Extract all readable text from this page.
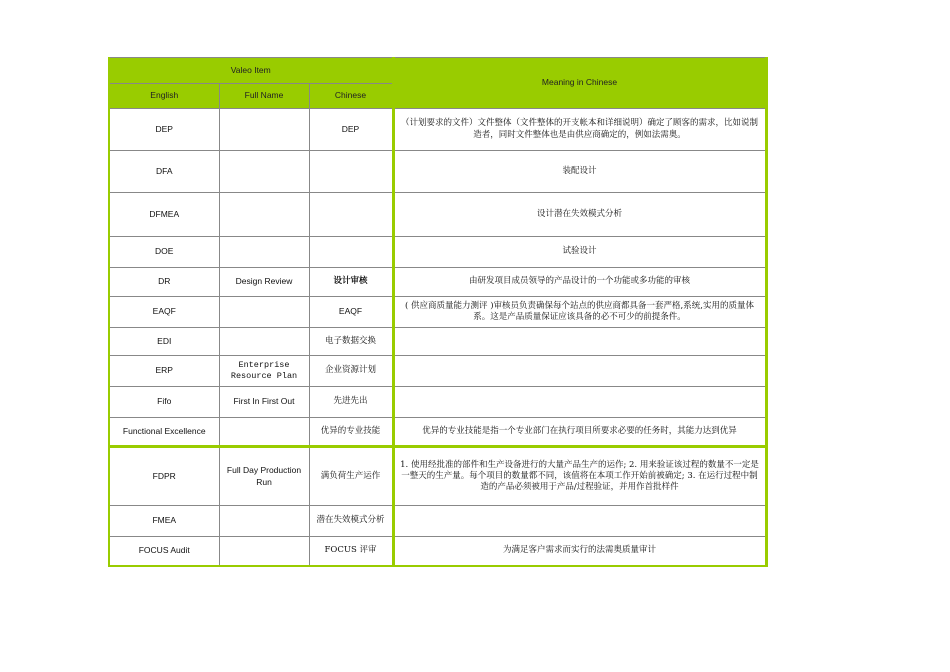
Valeo Item			Meaning in Chinese
English	Full Name	Chinese	
DEP		DEP	（计划要求的文件）文件整体（文件整体的开支帐本和详细说明）确定了顾客的需求，比如说制造者，同时文件整体也是由供应商确定的，例如法需奥。
DFA			装配设计
DFMEA			设计潜在失效模式分析
DOE			试验设计
DR	Design Review	设计审核	由研发项目成员领导的产品设计的一个功能或多功能的审核
EAQF		EAQF	( 供应商质量能力测评 )审核员负责确保每个站点的供应商都具备一套严格,系统,实用的质量体系。这是产品质量保证应该具备的必不可少的前提条件。
EDI		电子数据交换	
ERP	Enterprise Resource Plan	企业资源计划	
Fifo	First In First Out	先进先出	
Functional Excellence		优异的专业技能	优异的专业技能是指一个专业部门在执行项目所要求必要的任务时，其能力达到优异
FDPR	Full Day Production Run	满负荷生产运作	1. 使用经批准的部件和生产设备进行的大量产品生产的运作; 2. 用来验证该过程的数量不一定是一整天的生产量。每个项目的数量都不同，该值将在本项工作开始前被确定; 3. 在运行过程中制造的产品必须被用于产品/过程验证，并用作首批样件
FMEA		潜在失效模式分析	
FOCUS Audit		FOCUS 评审	为满足客户需求而实行的法需奥质量审计
